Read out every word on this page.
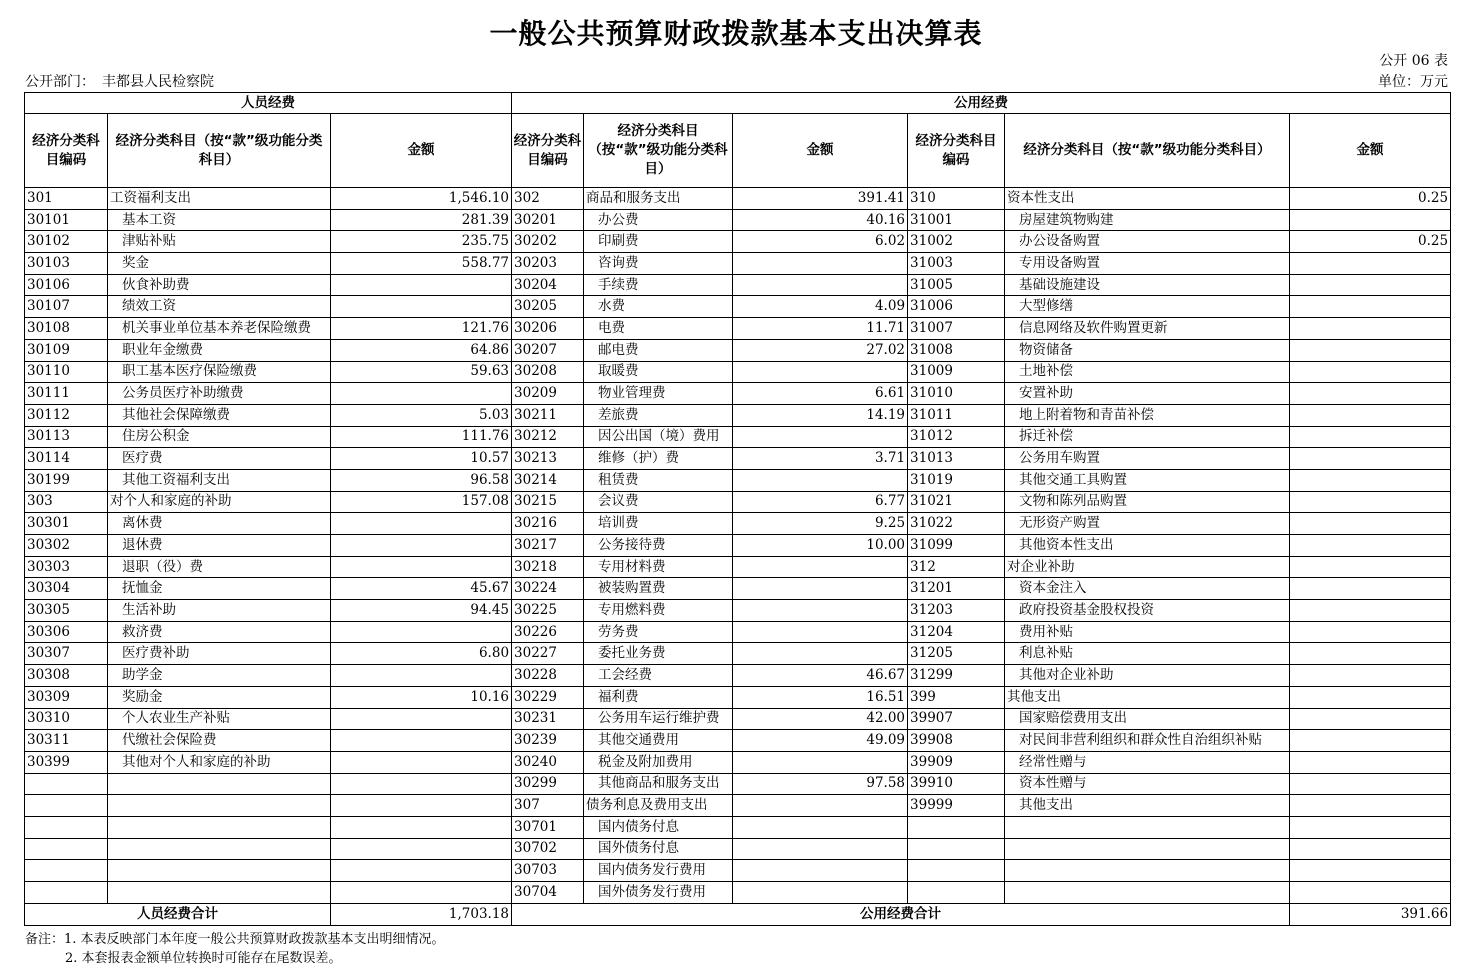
一般公共预算财政拨款基本支出决算表
公开 06 表
公开部门：　丰都县人民检察院	单位：万元
人员经费			公用经费					
经济分类科目编码	经济分类科目（按“款”级功能分类科目）	金额	经济分类科目编码	经济分类科目（按“款”级功能分类科目）	金额	经济分类科目编码	经济分类科目（按“款”级功能分类科目）	金额
301	工资福利支出	1,546.10	302	商品和服务支出	391.41	310	资本性支出	0.25
30101	基本工资	281.39	30201	办公费	40.16	31001	房屋建筑物购建	
30102	津贴补贴	235.75	30202	印刷费	6.02	31002	办公设备购置	0.25
30103	奖金	558.77	30203	咨询费		31003	专用设备购置	
30106	伙食补助费		30204	手续费		31005	基础设施建设	
30107	绩效工资		30205	水费	4.09	31006	大型修缮	
30108	机关事业单位基本养老保险缴费	121.76	30206	电费	11.71	31007	信息网络及软件购置更新	
30109	职业年金缴费	64.86	30207	邮电费	27.02	31008	物资储备	
30110	职工基本医疗保险缴费	59.63	30208	取暖费		31009	土地补偿	
30111	公务员医疗补助缴费		30209	物业管理费	6.61	31010	安置补助	
30112	其他社会保障缴费	5.03	30211	差旅费	14.19	31011	地上附着物和青苗补偿	
30113	住房公积金	111.76	30212	因公出国（境）费用		31012	拆迁补偿	
30114	医疗费	10.57	30213	维修（护）费	3.71	31013	公务用车购置	
30199	其他工资福利支出	96.58	30214	租赁费		31019	其他交通工具购置	
303	对个人和家庭的补助	157.08	30215	会议费	6.77	31021	文物和陈列品购置	
30301	离休费		30216	培训费	9.25	31022	无形资产购置	
30302	退休费		30217	公务接待费	10.00	31099	其他资本性支出	
30303	退职（役）费		30218	专用材料费		312	对企业补助	
30304	抚恤金	45.67	30224	被装购置费		31201	资本金注入	
30305	生活补助	94.45	30225	专用燃料费		31203	政府投资基金股权投资	
30306	救济费		30226	劳务费		31204	费用补贴	
30307	医疗费补助	6.80	30227	委托业务费		31205	利息补贴	
30308	助学金		30228	工会经费	46.67	31299	其他对企业补助	
30309	奖励金	10.16	30229	福利费	16.51	399	其他支出	
30310	个人农业生产补贴		30231	公务用车运行维护费	42.00	39907	国家赔偿费用支出	
30311	代缴社会保险费		30239	其他交通费用	49.09	39908	对民间非营利组织和群众性自治组织补贴	
30399	其他对个人和家庭的补助		30240	税金及附加费用		39909	经常性赠与	
			30299	其他商品和服务支出	97.58	39910	资本性赠与	
			307	债务利息及费用支出		39999	其他支出	
			30701	国内债务付息				
			30702	国外债务付息				
			30703	国内债务发行费用				
			30704	国外债务发行费用				
人员经费合计		1,703.18	公用经费合计					391.66
备注：1. 本表反映部门本年度一般公共预算财政拨款基本支出明细情况。
2. 本套报表金额单位转换时可能存在尾数误差。
